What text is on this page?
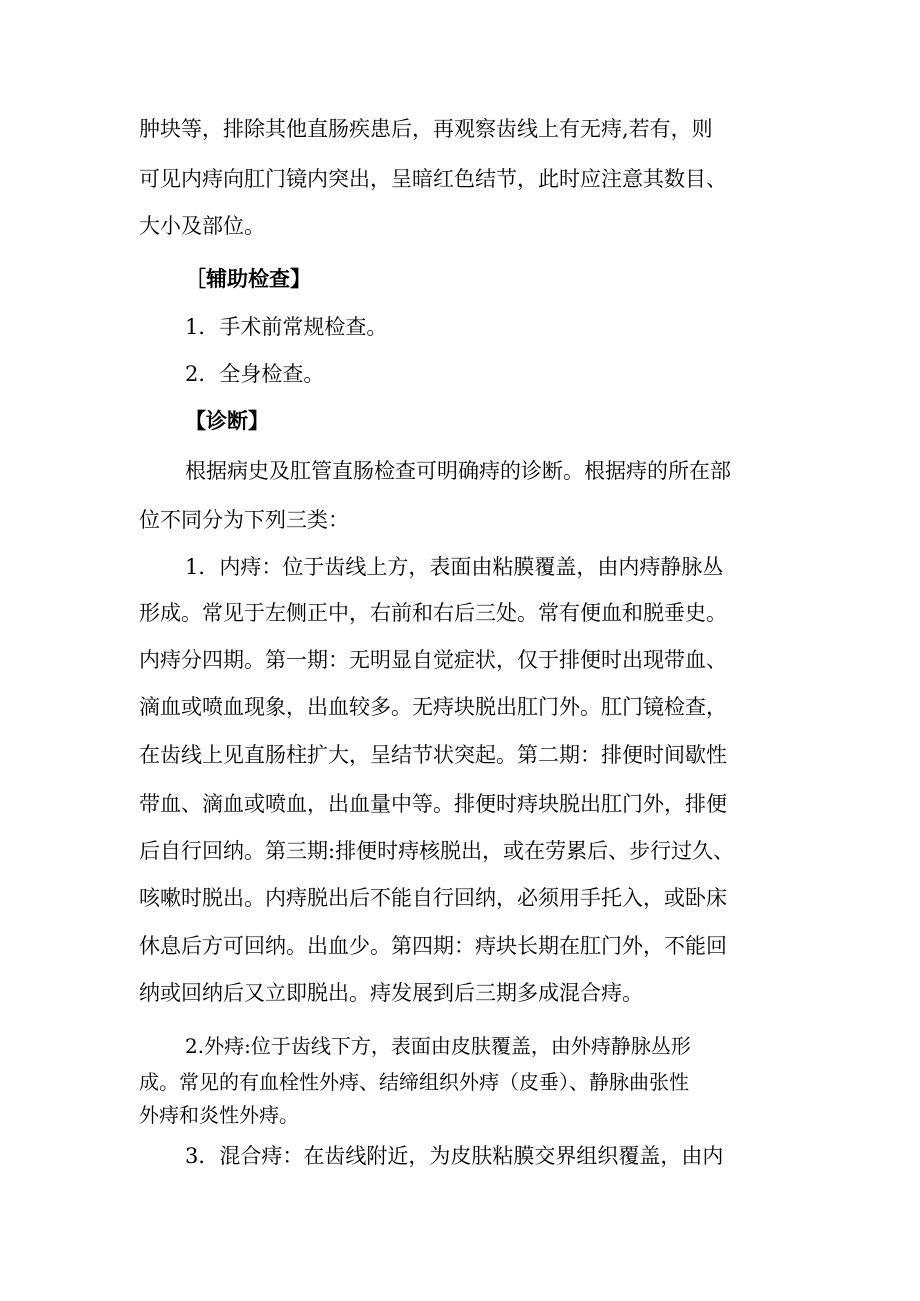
肿块等，排除其他直肠疾患后，再观察齿线上有无痔,若有，则
可见内痔向肛门镜内突出，呈暗红色结节，此时应注意其数目、
大小及部位。
［辅助检查】
1．手术前常规检查。
2．全身检查。
【诊断】
根据病史及肛管直肠检查可明确痔的诊断。根据痔的所在部
位不同分为下列三类：
1．内痔：位于齿线上方，表面由粘膜覆盖，由内痔静脉丛
形成。常见于左侧正中，右前和右后三处。常有便血和脱垂史。
内痔分四期。第一期：无明显自觉症状，仅于排便时出现带血、
滴血或喷血现象，出血较多。无痔块脱出肛门外。肛门镜检查，
在齿线上见直肠柱扩大，呈结节状突起。第二期：排便时间歇性
带血、滴血或喷血，出血量中等。排便时痔块脱出肛门外，排便
后自行回纳。第三期:排便时痔核脱出，或在劳累后、步行过久、
咳嗽时脱出。内痔脱出后不能自行回纳，必须用手托入，或卧床
休息后方可回纳。出血少。第四期：痔块长期在肛门外，不能回
纳或回纳后又立即脱出。痔发展到后三期多成混合痔。
2.外痔:位于齿线下方，表面由皮肤覆盖，由外痔静脉丛形
成。常见的有血栓性外痔、结缔组织外痔（皮垂）、静脉曲张性
外痔和炎性外痔。
3．混合痔：在齿线附近，为皮肤粘膜交界组织覆盖，由内
